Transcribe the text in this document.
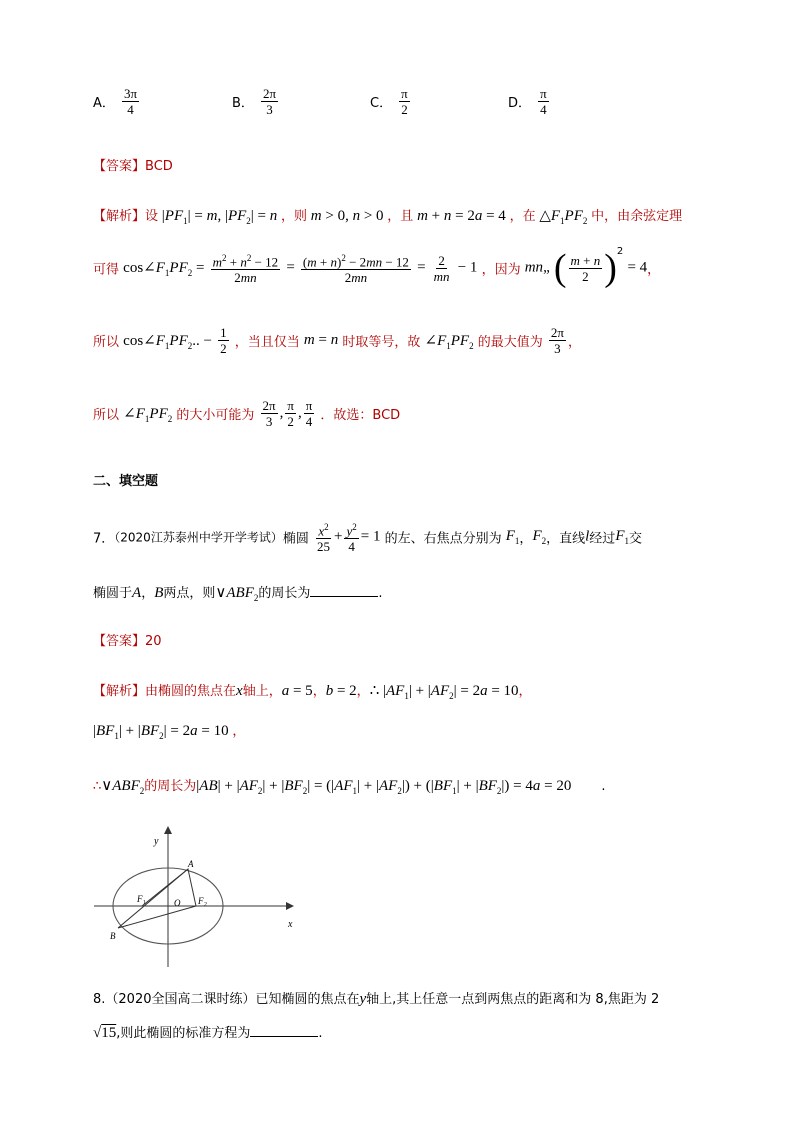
A． $\frac{3\pi}{4}$	B． $\frac{2\pi}{3}$	C． $\frac{\pi}{2}$	D． $\frac{\pi}{4}$
【答案】BCD
【解析】设 $|PF_1| = m$, $|PF_2| = n$ ，则 m > 0, n > 0 ，且 m + n = 2a = 4 ，在 $\triangle F_1PF_2$ 中，由余弦定理
可得 $\cos\angle F_1PF_2 = \frac{m^2 + n^2 - 12}{2mn} = \frac{(m + n)^2 - 2mn - 12}{2mn} = \frac{2}{mn} - 1$ ，因为 mn„ ( $\frac{m + n}{2} )^2 = 4$，
所以 $\cos\angle F_1PF_2$.. − $\frac{1}{2}$ ，当且仅当 m = n 时取等号，故 $\angle F_1PF_2$ 的最大值为 $\frac{2\pi}{3}$ ，
所以 $\angle F_1PF_2$ 的大小可能为 $\frac{2\pi}{3}$ , $\frac{\pi}{2}$ , $\frac{\pi}{4}$ ．故选：BCD
二、填空题
7．（2020江苏泰州中学开学考试）椭圆 $\frac{x^2}{25} + \frac{y^2}{4} = 1$ 的左、右焦点分别为 $F_1$，$F_2$，直线l经过$F_1$交
椭圆于A，B两点，则$\vee ABF_2$的周长为	.
【答案】20
【解析】由椭圆的焦点在x轴上，a = 5，b = 2，∴ $|AF_1| + |AF_2| = 2a = 10$，
$|BF_1| + |BF_2| = 2a = 10$ ，
$\therefore\vee ABF_2$的周长为$|AB| + |AF_2| + |BF_2| = (|AF_1| + |AF_2|) + (|BF_1| + |BF_2|) = 4a = 20$ .
y
x
A
B
F 1	O F 2
8.（2020全国高二课时练）已知椭圆的焦点在y轴上,其上任意一点到两焦点的距离和为 8,焦距为 2
√15,则此椭圆的标准方程为	.
